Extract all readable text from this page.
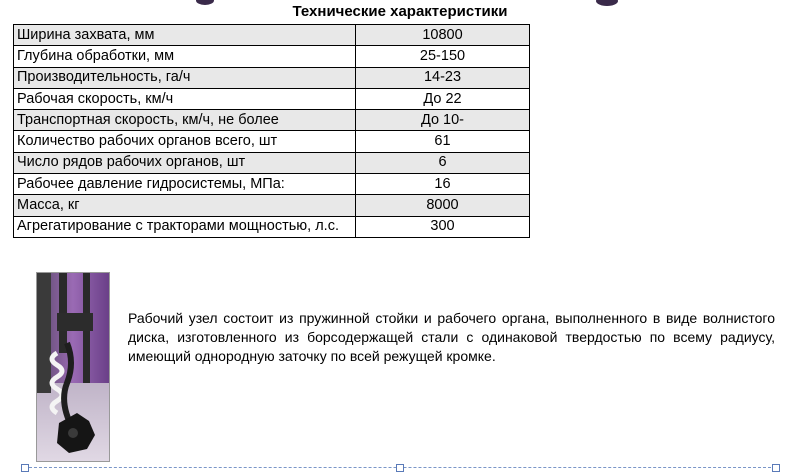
Технические характеристики
Ширина захвата, мм	10800
Глубина обработки, мм	25-150
Производительность, га/ч	14-23
Рабочая скорость, км/ч	До 22
Транспортная скорость, км/ч, не более	До 10-
Количество рабочих органов всего, шт	61
Число рядов рабочих органов, шт	6
Рабочее давление гидросистемы, МПа:	16
Масса, кг	8000
Агрегатирование с тракторами мощностью, л.с.	300
Рабочий узел состоит из пружинной стойки и рабочего органа, выполненного в виде волнистого диска, изготовленного из борсодержащей стали с одинаковой твердостью по всему радиусу, имеющий однородную заточку по всей режущей кромке.
